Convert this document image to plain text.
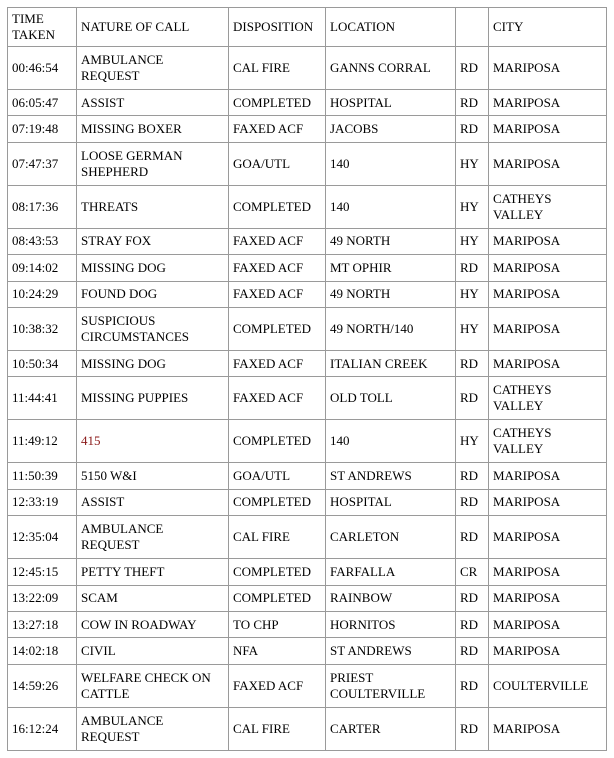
TIME TAKEN	NATURE OF CALL	DISPOSITION	LOCATION		CITY
00:46:54	AMBULANCE REQUEST	CAL FIRE	GANNS CORRAL	RD	MARIPOSA
06:05:47	ASSIST	COMPLETED	HOSPITAL	RD	MARIPOSA
07:19:48	MISSING BOXER	FAXED ACF	JACOBS	RD	MARIPOSA
07:47:37	LOOSE GERMAN SHEPHERD	GOA/UTL	140	HY	MARIPOSA
08:17:36	THREATS	COMPLETED	140	HY	CATHEYS VALLEY
08:43:53	STRAY FOX	FAXED ACF	49 NORTH	HY	MARIPOSA
09:14:02	MISSING DOG	FAXED ACF	MT OPHIR	RD	MARIPOSA
10:24:29	FOUND DOG	FAXED ACF	49 NORTH	HY	MARIPOSA
10:38:32	SUSPICIOUS CIRCUMSTANCES	COMPLETED	49 NORTH/140	HY	MARIPOSA
10:50:34	MISSING DOG	FAXED ACF	ITALIAN CREEK	RD	MARIPOSA
11:44:41	MISSING PUPPIES	FAXED ACF	OLD TOLL	RD	CATHEYS VALLEY
11:49:12	415	COMPLETED	140	HY	CATHEYS VALLEY
11:50:39	5150 W&I	GOA/UTL	ST ANDREWS	RD	MARIPOSA
12:33:19	ASSIST	COMPLETED	HOSPITAL	RD	MARIPOSA
12:35:04	AMBULANCE REQUEST	CAL FIRE	CARLETON	RD	MARIPOSA
12:45:15	PETTY THEFT	COMPLETED	FARFALLA	CR	MARIPOSA
13:22:09	SCAM	COMPLETED	RAINBOW	RD	MARIPOSA
13:27:18	COW IN ROADWAY	TO CHP	HORNITOS	RD	MARIPOSA
14:02:18	CIVIL	NFA	ST ANDREWS	RD	MARIPOSA
14:59:26	WELFARE CHECK ON CATTLE	FAXED ACF	PRIEST COULTERVILLE	RD	COULTERVILLE
16:12:24	AMBULANCE REQUEST	CAL FIRE	CARTER	RD	MARIPOSA
